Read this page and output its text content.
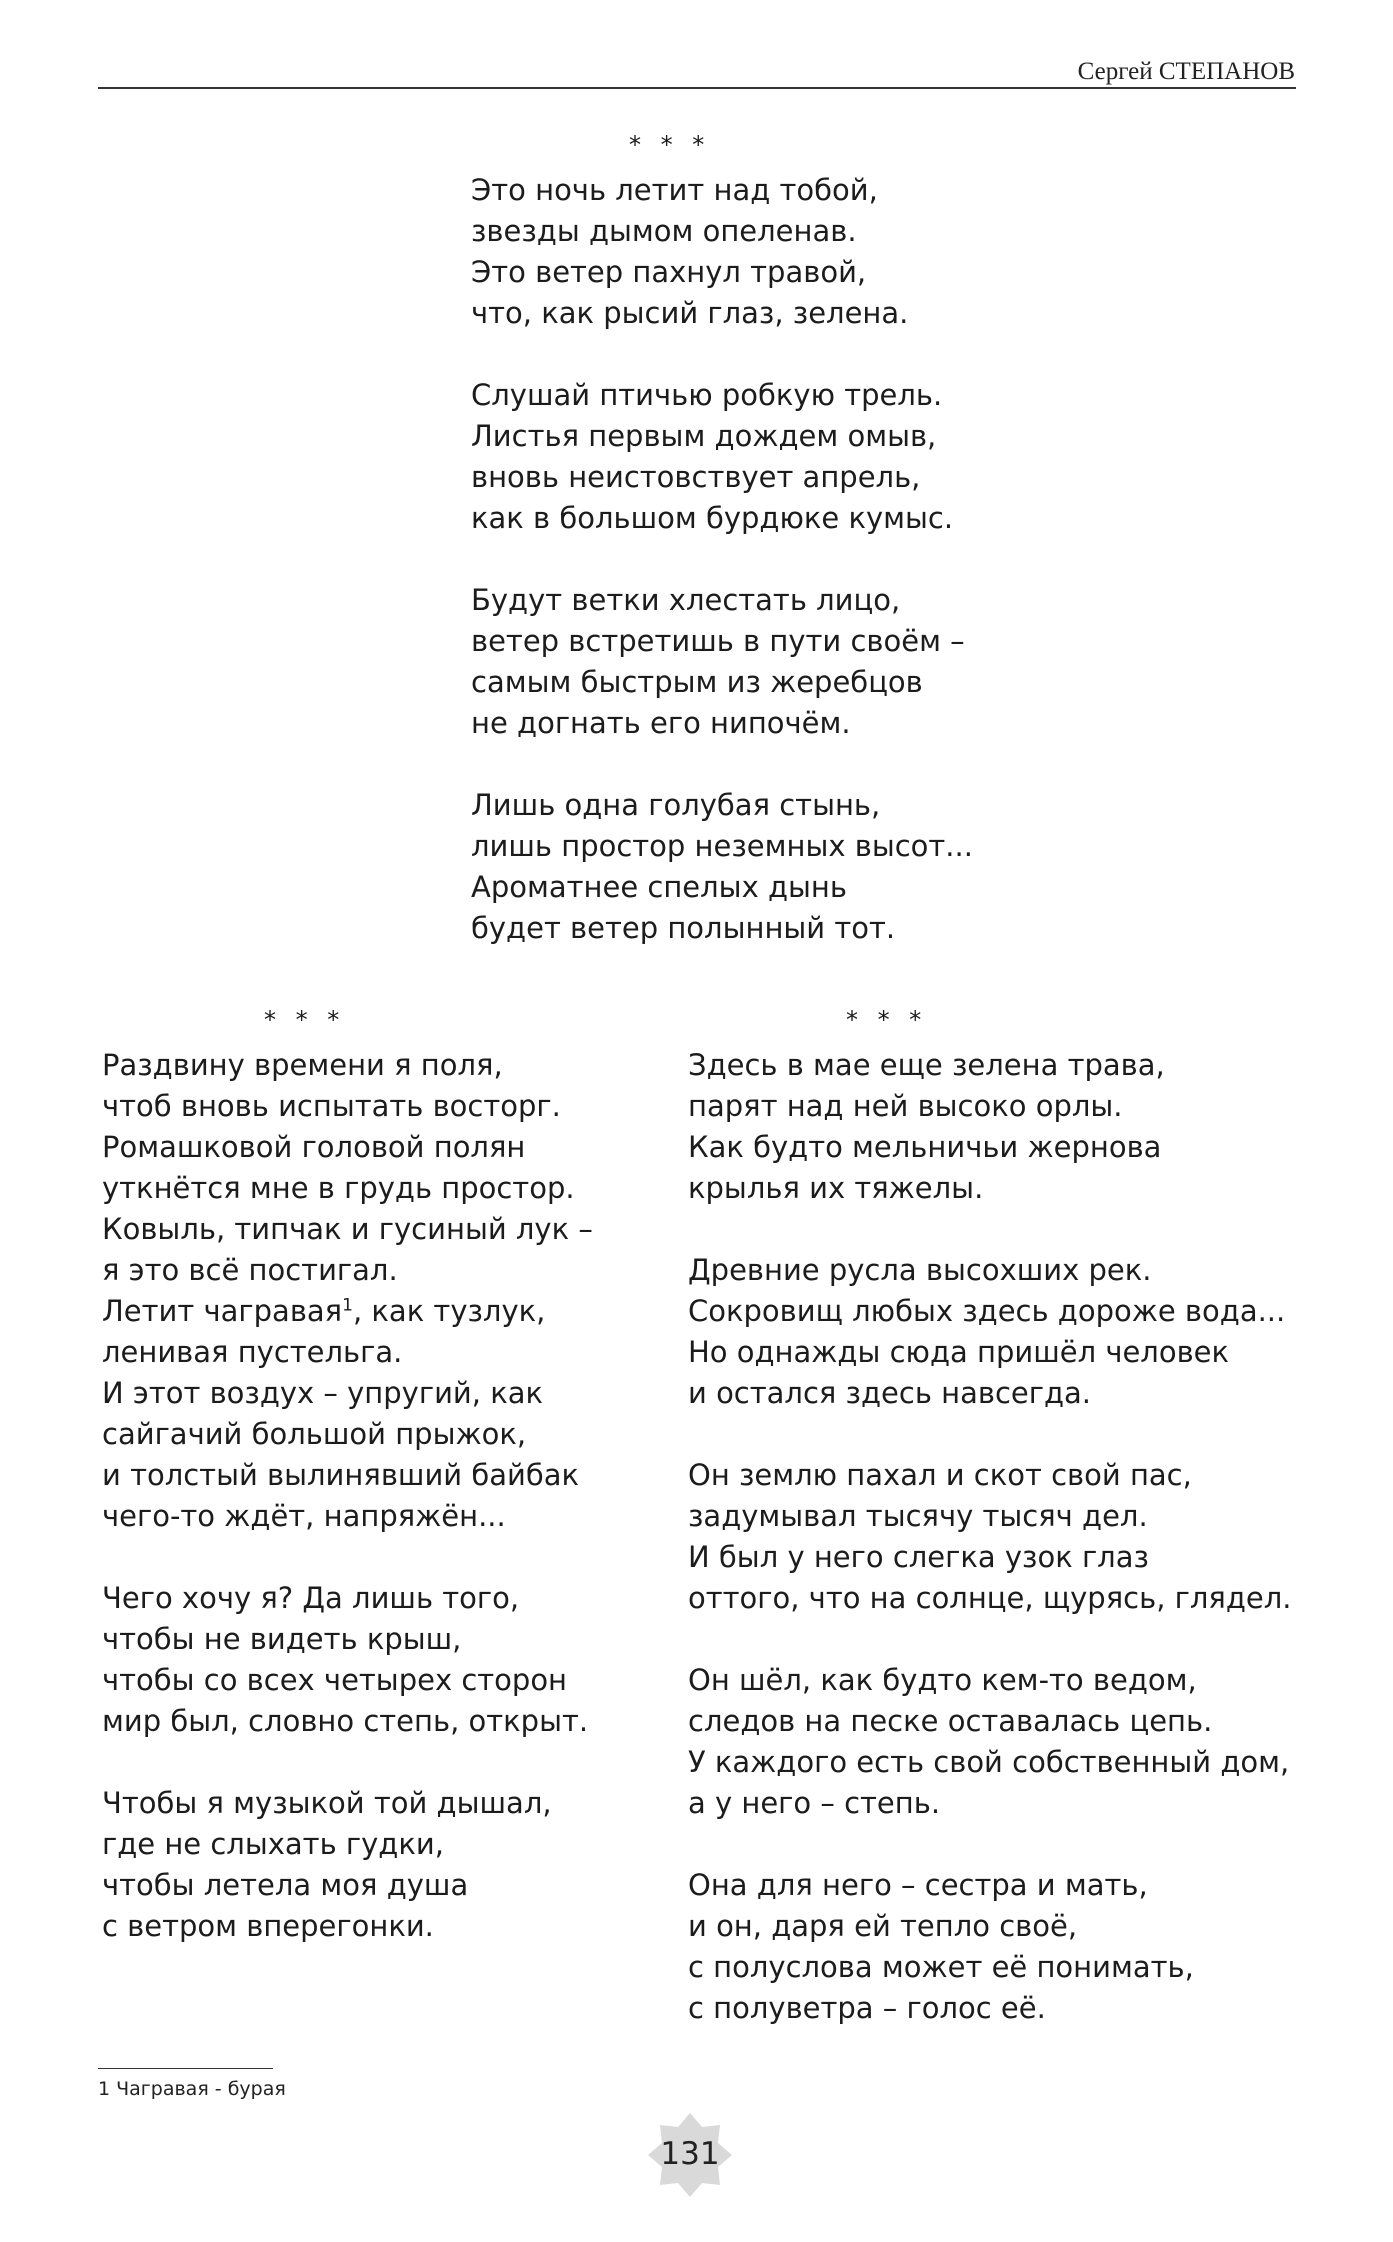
Сергей СТЕПАНОВ
* * *
Это ночь летит над тобой,
звезды дымом опеленав.
Это ветер пахнул травой,
что, как рысий глаз, зелена.
Слушай птичью робкую трель.
Листья первым дождем омыв,
вновь неистовствует апрель,
как в большом бурдюке кумыс.
Будут ветки хлестать лицо,
ветер встретишь в пути своём –
самым быстрым из жеребцов
не догнать его нипочём.
Лишь одна голубая стынь,
лишь простор неземных высот...
Ароматнее спелых дынь
будет ветер полынный тот.
* * *
Раздвину времени я поля,
чтоб вновь испытать восторг.
Ромашковой головой полян
уткнётся мне в грудь простор.
Ковыль, типчак и гусиный лук –
я это всё постигал.
Летит чагравая$^1$, как тузлук,
ленивая пустельга.
И этот воздух – упругий, как
сайгачий большой прыжок,
и толстый вылинявший байбак
чего-то ждёт, напряжён...
Чего хочу я? Да лишь того,
чтобы не видеть крыш,
чтобы со всех четырех сторон
мир был, словно степь, открыт.
Чтобы я музыкой той дышал,
где не слыхать гудки,
чтобы летела моя душа
с ветром вперегонки.
* * *
Здесь в мае еще зелена трава,
парят над ней высоко орлы.
Как будто мельничьи жернова
крылья их тяжелы.
Древние русла высохших рек.
Сокровищ любых здесь дороже вода...
Но однажды сюда пришёл человек
и остался здесь навсегда.
Он землю пахал и скот свой пас,
задумывал тысячу тысяч дел.
И был у него слегка узок глаз
оттого, что на солнце, щурясь, глядел.
Он шёл, как будто кем-то ведом,
следов на песке оставалась цепь.
У каждого есть свой собственный дом,
а у него – степь.
Она для него – сестра и мать,
и он, даря ей тепло своё,
с полуслова может её понимать,
с полуветра – голос её.
1 Чагравая - бурая
131
